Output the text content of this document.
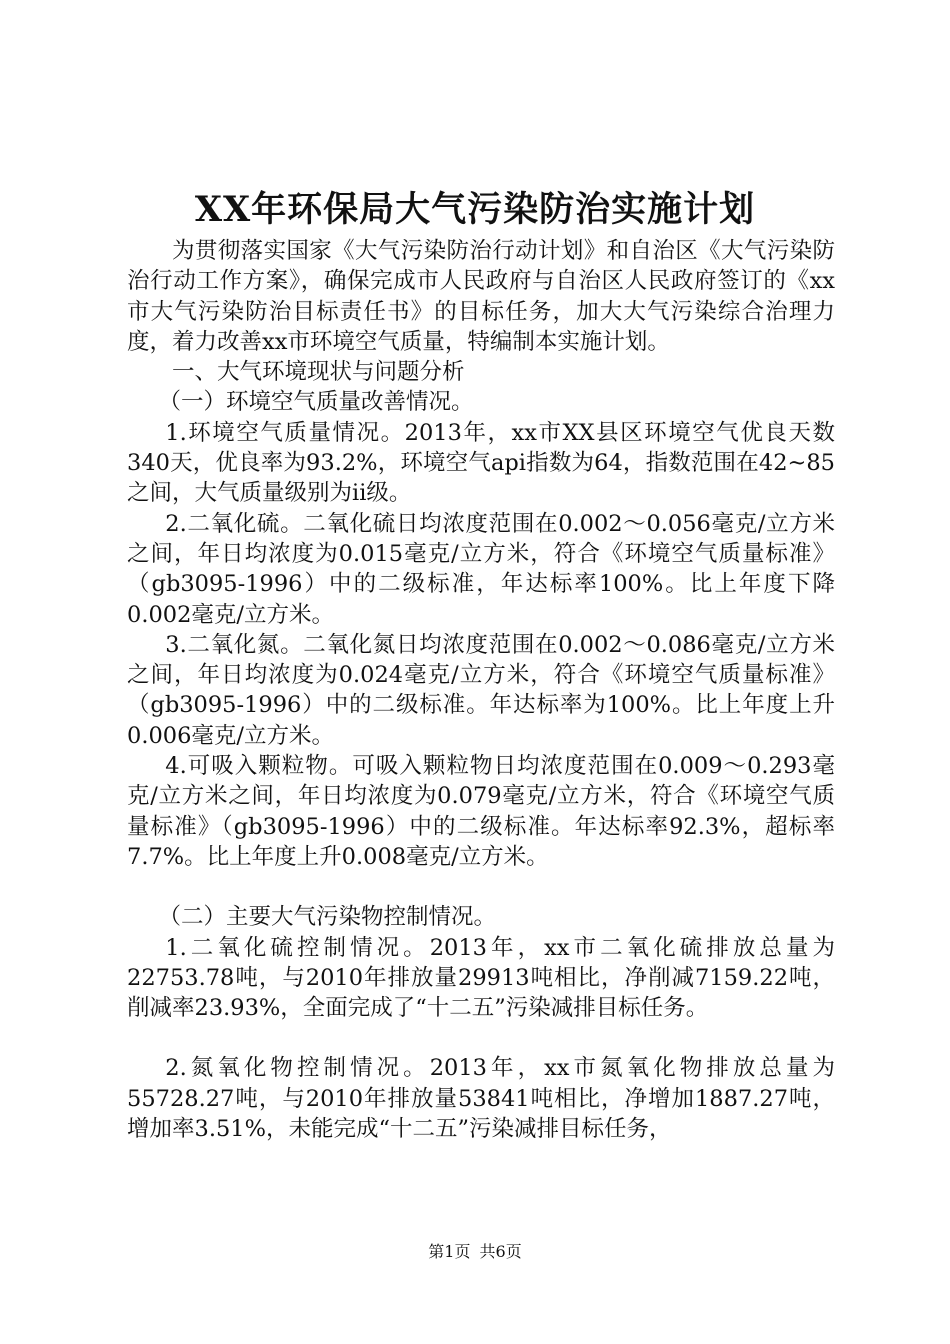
XX年环保局大气污染防治实施计划

为贯彻落实国家《大气污染防治行动计划》和自治区《大气污染防治行动工作方案》，确保完成市人民政府与自治区人民政府签订的《xx市大气污染防治目标责任书》的目标任务，加大大气污染综合治理力度，着力改善xx市环境空气质量，特编制本实施计划。

一、大气环境现状与问题分析

（一）环境空气质量改善情况。

1.环境空气质量情况。2013年，xx市XX县区环境空气优良天数340天，优良率为93.2%，环境空气api指数为64，指数范围在42~85之间，大气质量级别为ii级。

2.二氧化硫。二氧化硫日均浓度范围在0.002～0.056毫克/立方米之间，年日均浓度为0.015毫克/立方米，符合《环境空气质量标准》（gb3095-1996）中的二级标准，年达标率100%。比上年度下降0.002毫克/立方米。

3.二氧化氮。二氧化氮日均浓度范围在0.002～0.086毫克/立方米之间，年日均浓度为0.024毫克/立方米，符合《环境空气质量标准》（gb3095-1996）中的二级标准。年达标率为100%。比上年度上升0.006毫克/立方米。

4.可吸入颗粒物。可吸入颗粒物日均浓度范围在0.009～0.293毫克/立方米之间，年日均浓度为0.079毫克/立方米，符合《环境空气质量标准》（gb3095-1996）中的二级标准。年达标率92.3%，超标率7.7%。比上年度上升0.008毫克/立方米。

（二）主要大气污染物控制情况。

1.二氧化硫控制情况。2013年，xx市二氧化硫排放总量为22753.78吨，与2010年排放量29913吨相比，净削减7159.22吨，削减率23.93%，全面完成了“十二五”污染减排目标任务。

2.氮氧化物控制情况。2013年，xx市氮氧化物排放总量为55728.27吨，与2010年排放量53841吨相比，净增加1887.27吨，增加率3.51%，未能完成“十二五”污染减排目标任务，

第1页 共6页
